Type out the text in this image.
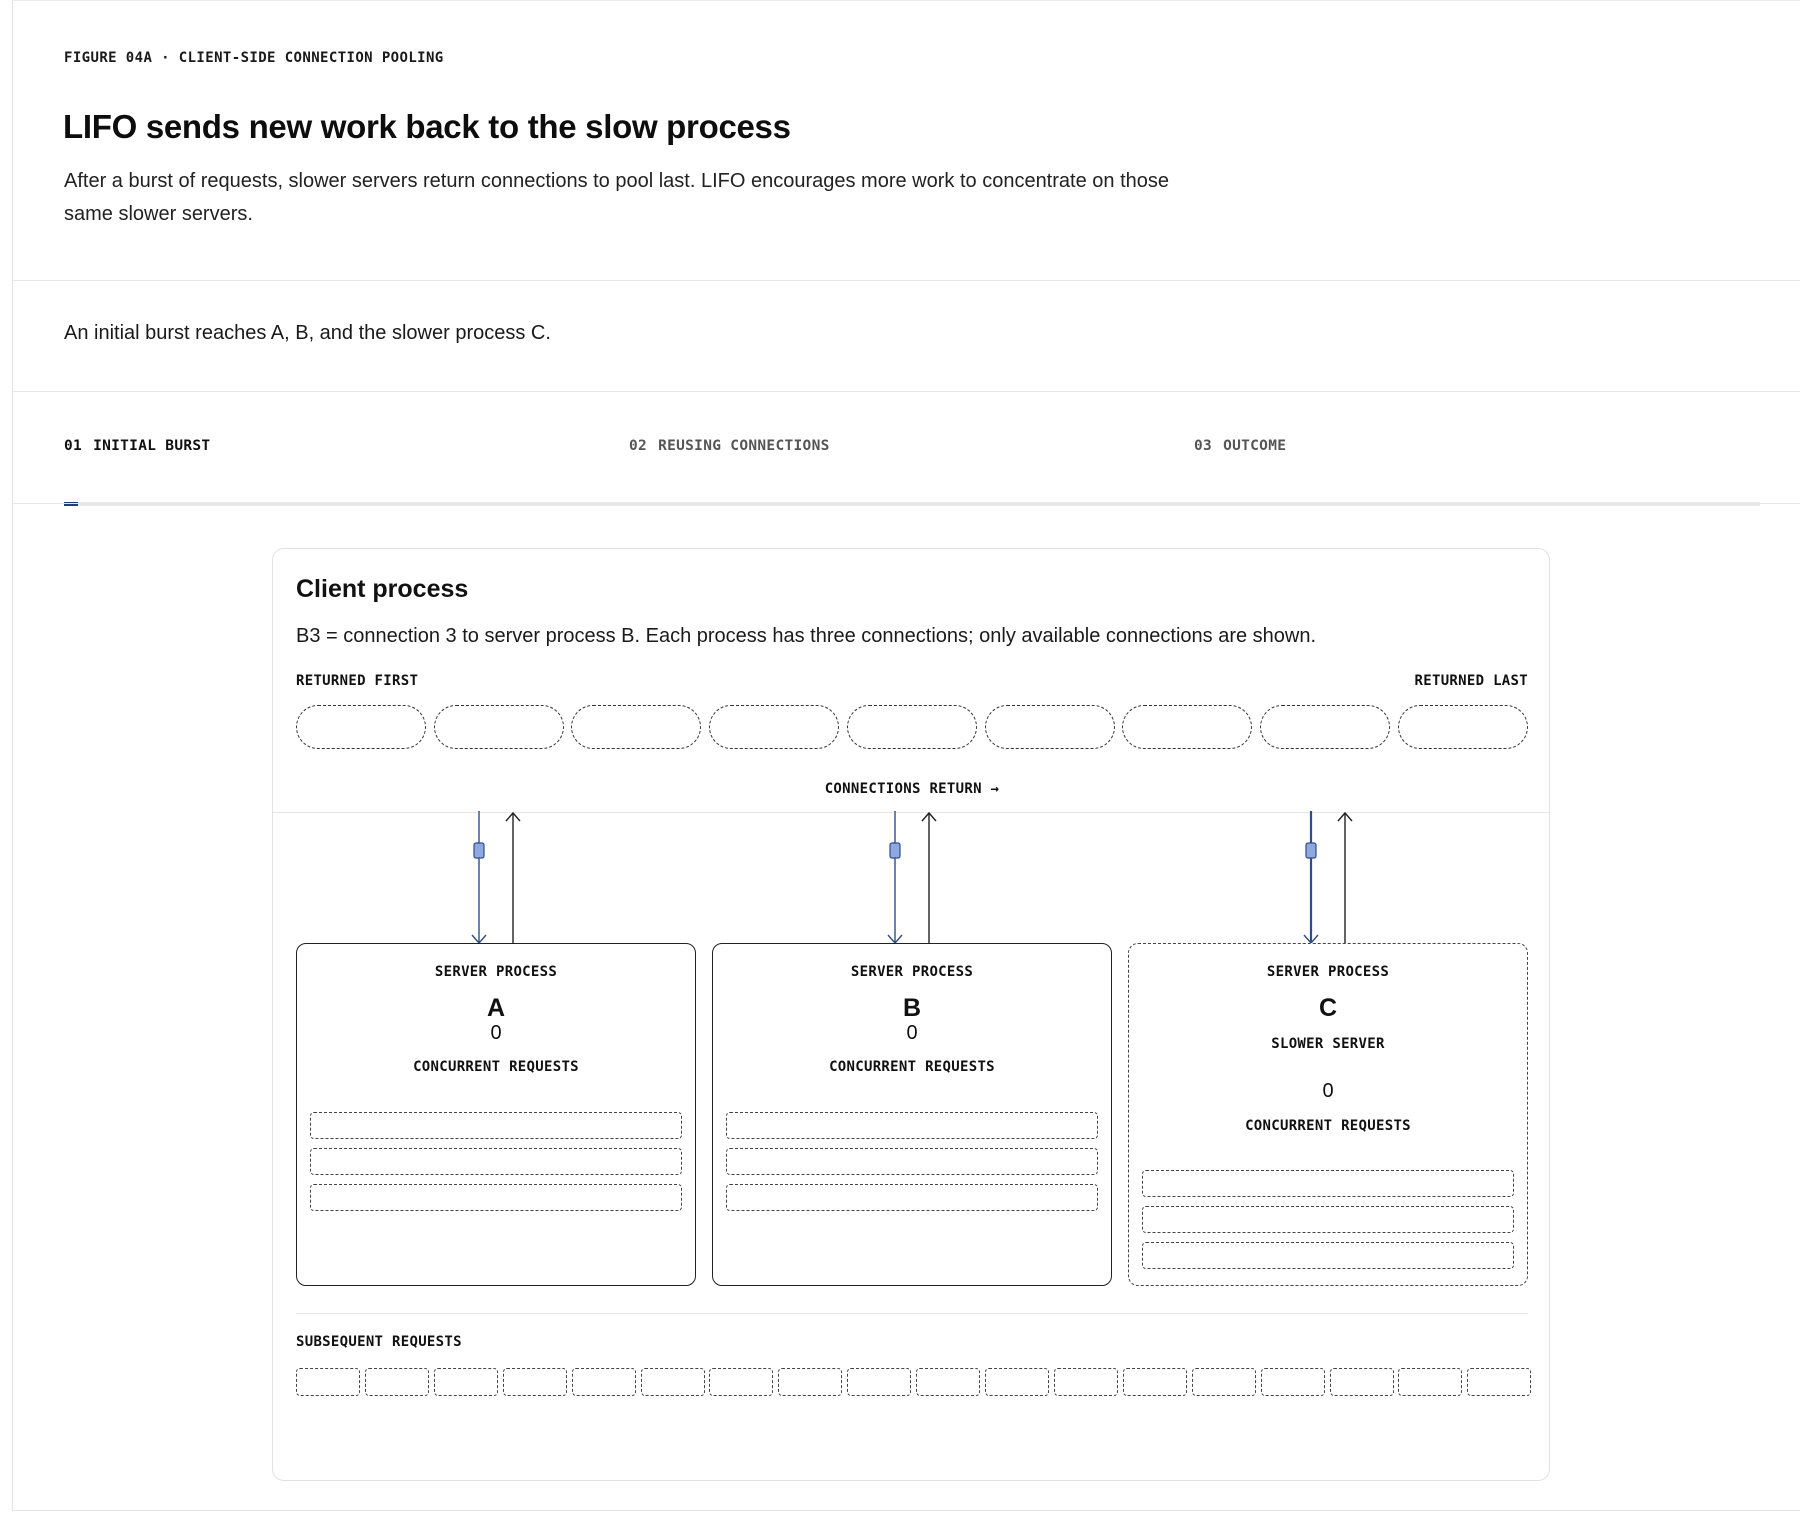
FIGURE 04A · CLIENT-SIDE CONNECTION POOLING
LIFO sends new work back to the slow process

After a burst of requests, slower servers return connections to pool last. LIFO encourages more work to concentrate on those same slower servers.

An initial burst reaches A, B, and the slower process C.
01 INITIAL BURST	02 REUSING CONNECTIONS	03 OUTCOME
Client process

B3 = connection 3 to server process B. Each process has three connections; only available connections are shown.

RETURNED FIRST	RETURNED LAST
CONNECTIONS RETURN →
SERVER PROCESS
A
0
CONCURRENT REQUESTS
SERVER PROCESS
B
0
CONCURRENT REQUESTS
SERVER PROCESS
C
SLOWER SERVER
0
CONCURRENT REQUESTS
SUBSEQUENT REQUESTS
